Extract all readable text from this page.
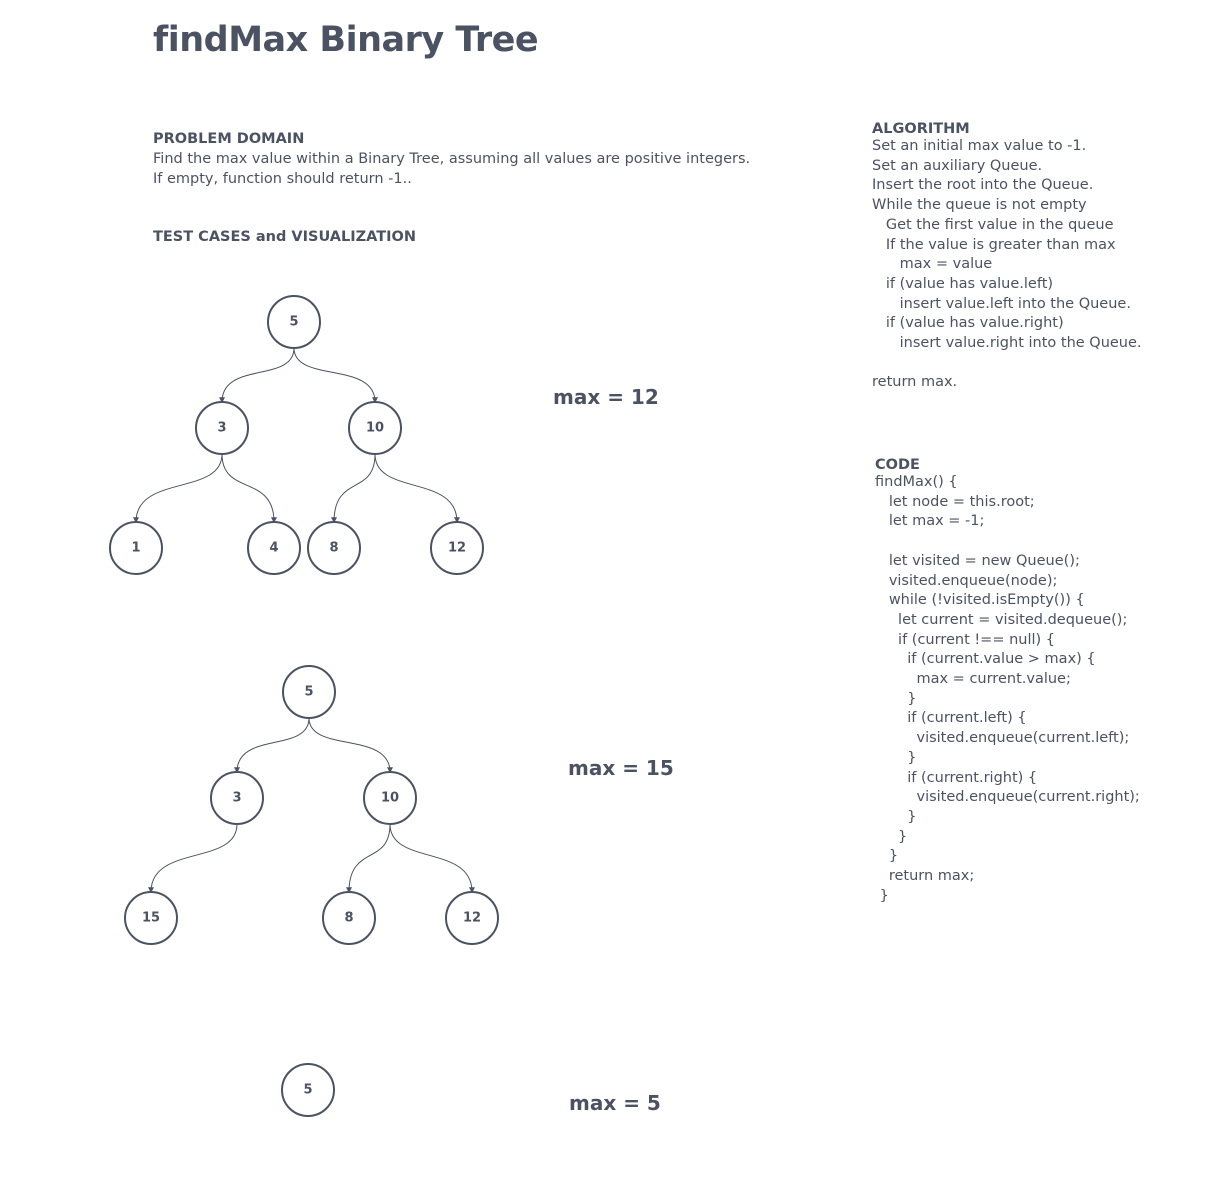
findMax Binary Tree
PROBLEM DOMAIN
Find the max value within a Binary Tree, assuming all values are positive integers. If empty, function should return -1..
TEST CASES and VISUALIZATION
5
3	10
1	4	8	12
5
3	10
15	8	12
5
max = 12
max = 15
max = 5
ALGORITHM
Set an initial max value to -1.
Set an auxiliary Queue.
Insert the root into the Queue.
While the queue is not empty
Get the first value in the queue
If the value is greater than max
max = value
if (value has value.left)
insert value.left into the Queue.
if (value has value.right)
insert value.right into the Queue.

return max.
CODE
findMax() {
let node = this.root;
let max = -1;

let visited = new Queue();
visited.enqueue(node);
while (!visited.isEmpty()) {
let current = visited.dequeue();
if (current !== null) {
if (current.value > max) {
max = current.value;
}
if (current.left) {
visited.enqueue(current.left);
}
if (current.right) {
visited.enqueue(current.right);
}
}
}
return max;
}
